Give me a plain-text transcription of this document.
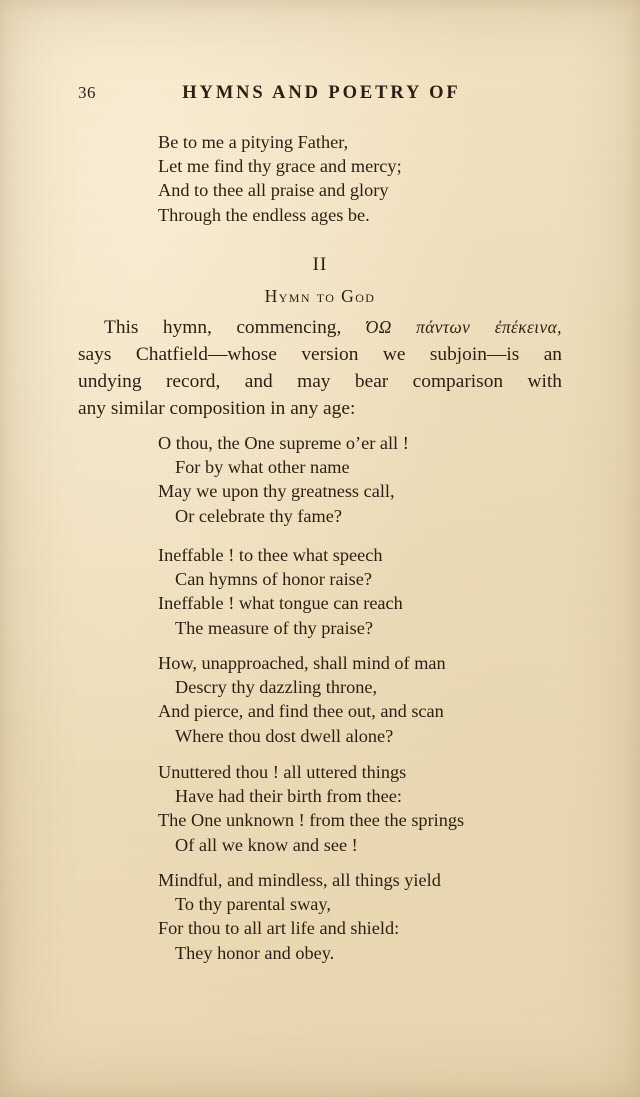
36	HYMNS AND POETRY OF
Be to me a pitying Father,
Let me find thy grace and mercy;
And to thee all praise and glory
Through the endless ages be.
II
Hymn to God
This hymn, commencing, ΌΩ πάντων ἐπέκεινα,
says Chatfield—whose version we subjoin—is an
undying record, and may bear comparison with
any similar composition in any age:
O thou, the One supreme o’er all !
For by what other name
May we upon thy greatness call,
Or celebrate thy fame?
Ineffable ! to thee what speech
Can hymns of honor raise?
Ineffable ! what tongue can reach
The measure of thy praise?
How, unapproached, shall mind of man
Descry thy dazzling throne,
And pierce, and find thee out, and scan
Where thou dost dwell alone?
Unuttered thou ! all uttered things
Have had their birth from thee:
The One unknown ! from thee the springs
Of all we know and see !
Mindful, and mindless, all things yield
To thy parental sway,
For thou to all art life and shield:
They honor and obey.
